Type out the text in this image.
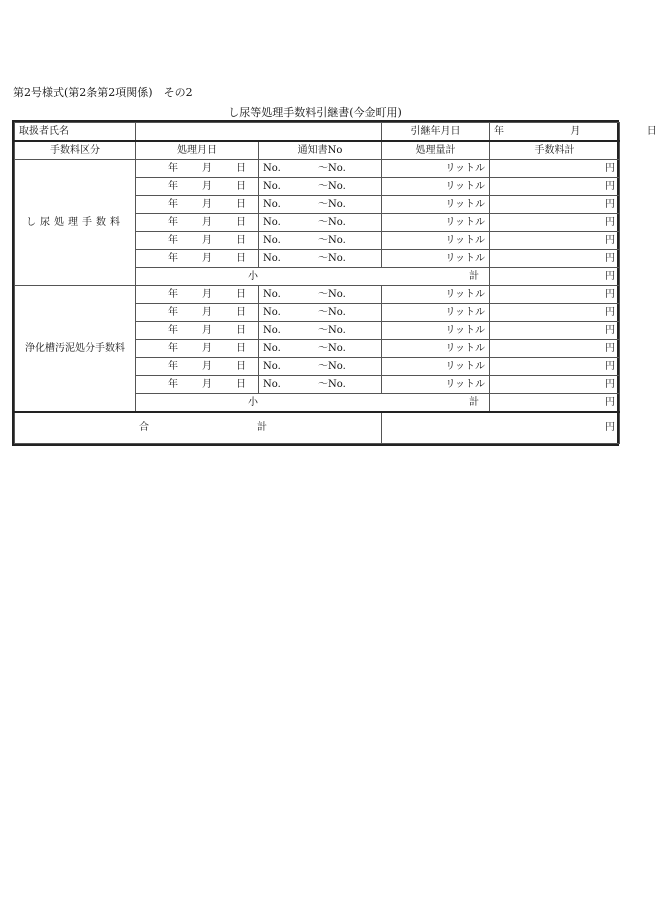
第2号様式(第2条第2項関係)　その2
し尿等処理手数料引継書(今金町用)
取扱者氏名			引継年月日	年 月 日
手数料区分	処理月日	通知書No	処理量計	手数料計
し尿処理手数料	年 月 日	No. ～No.	リットル	円

	年 月 日	No. ～No.	リットル	円

	年 月 日	No. ～No.	リットル	円

	年 月 日	No. ～No.	リットル	円

	年 月 日	No. ～No.	リットル	円

	年 月 日	No. ～No.	リットル	円

	小 計			円
浄化槽汚泥処分手数料	年 月 日	No. ～No.	リットル	円

	年 月 日	No. ～No.	リットル	円

	年 月 日	No. ～No.	リットル	円

	年 月 日	No. ～No.	リットル	円

	年 月 日	No. ～No.	リットル	円

	年 月 日	No. ～No.	リットル	円

	小 計			円

合 計			円	
